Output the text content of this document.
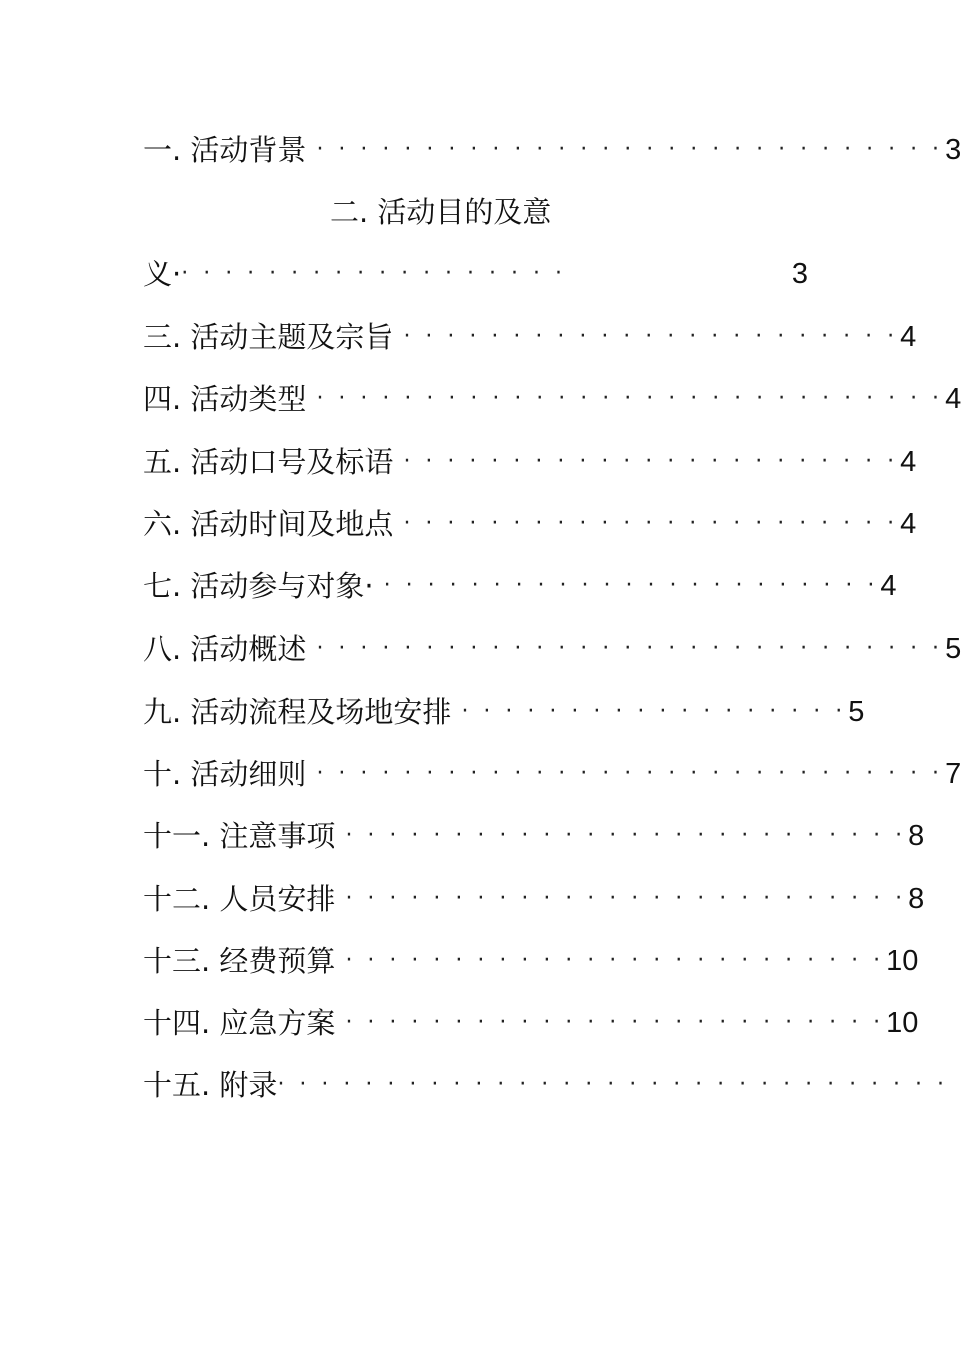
一. 活动背景 · · · · · · · · · · · · · · · · · · · · · · · · · · · · · 3
二. 活动目的及意
义· · · · · · · · · · · · · · · · · · ·	3
三. 活动主题及宗旨 · · · · · · · · · · · · · · · · · · · · · · · 4
四. 活动类型 · · · · · · · · · · · · · · · · · · · · · · · · · · · · · 4
五. 活动口号及标语 · · · · · · · · · · · · · · · · · · · · · · · 4
六. 活动时间及地点 · · · · · · · · · · · · · · · · · · · · · · · 4
七. 活动参与对象· · · · · · · · · · · · · · · · · · · · · · · · 4
八. 活动概述 · · · · · · · · · · · · · · · · · · · · · · · · · · · · · 5
九. 活动流程及场地安排 · · · · · · · · · · · · · · · · · · 5
十. 活动细则 · · · · · · · · · · · · · · · · · · · · · · · · · · · · · 7
十一. 注意事项 · · · · · · · · · · · · · · · · · · · · · · · · · · 8
十二. 人员安排 · · · · · · · · · · · · · · · · · · · · · · · · · · 8
十三. 经费预算 · · · · · · · · · · · · · · · · · · · · · · · · · 10
十四. 应急方案 · · · · · · · · · · · · · · · · · · · · · · · · · 10
十五. 附录 · · · · · · · · · · · · · · · · · · · · · · · · · · · · · · ·
